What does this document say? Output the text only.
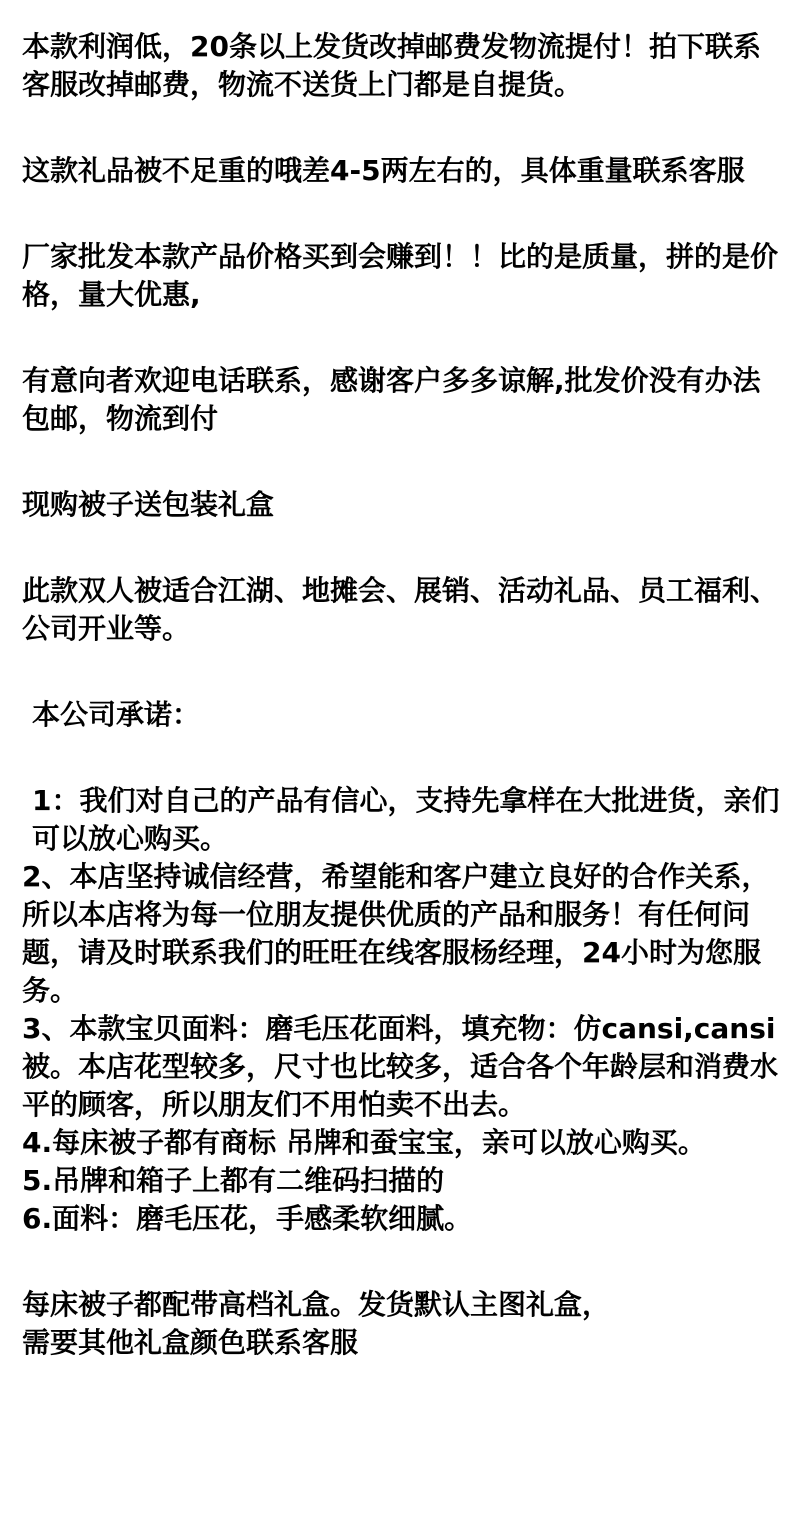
本款利润低，20条以上发货改掉邮费发物流提付！拍下联系客服改掉邮费，物流不送货上门都是自提货。

这款礼品被不足重的哦差4-5两左右的，具体重量联系客服

厂家批发本款产品价格买到会赚到！！比的是质量，拼的是价格，量大优惠,

有意向者欢迎电话联系，感谢客户多多谅解,批发价没有办法包邮，物流到付

现购被子送包装礼盒

此款双人被适合江湖、地摊会、展销、活动礼品、员工福利、公司开业等。

本公司承诺：

1：我们对自己的产品有信心，支持先拿样在大批进货，亲们可以放心购买。

2、本店坚持诚信经营，希望能和客户建立良好的合作关系，所以本店将为每一位朋友提供优质的产品和服务！有任何问题，请及时联系我们的旺旺在线客服杨经理，24小时为您服务。

3、本款宝贝面料：磨毛压花面料，填充物：仿cansi,cansi被。本店花型较多，尺寸也比较多，适合各个年龄层和消费水平的顾客，所以朋友们不用怕卖不出去。

4.每床被子都有商标 吊牌和蚕宝宝，亲可以放心购买。

5.吊牌和箱子上都有二维码扫描的

6.面料：磨毛压花，手感柔软细腻。

每床被子都配带高档礼盒。发货默认主图礼盒，
需要其他礼盒颜色联系客服
